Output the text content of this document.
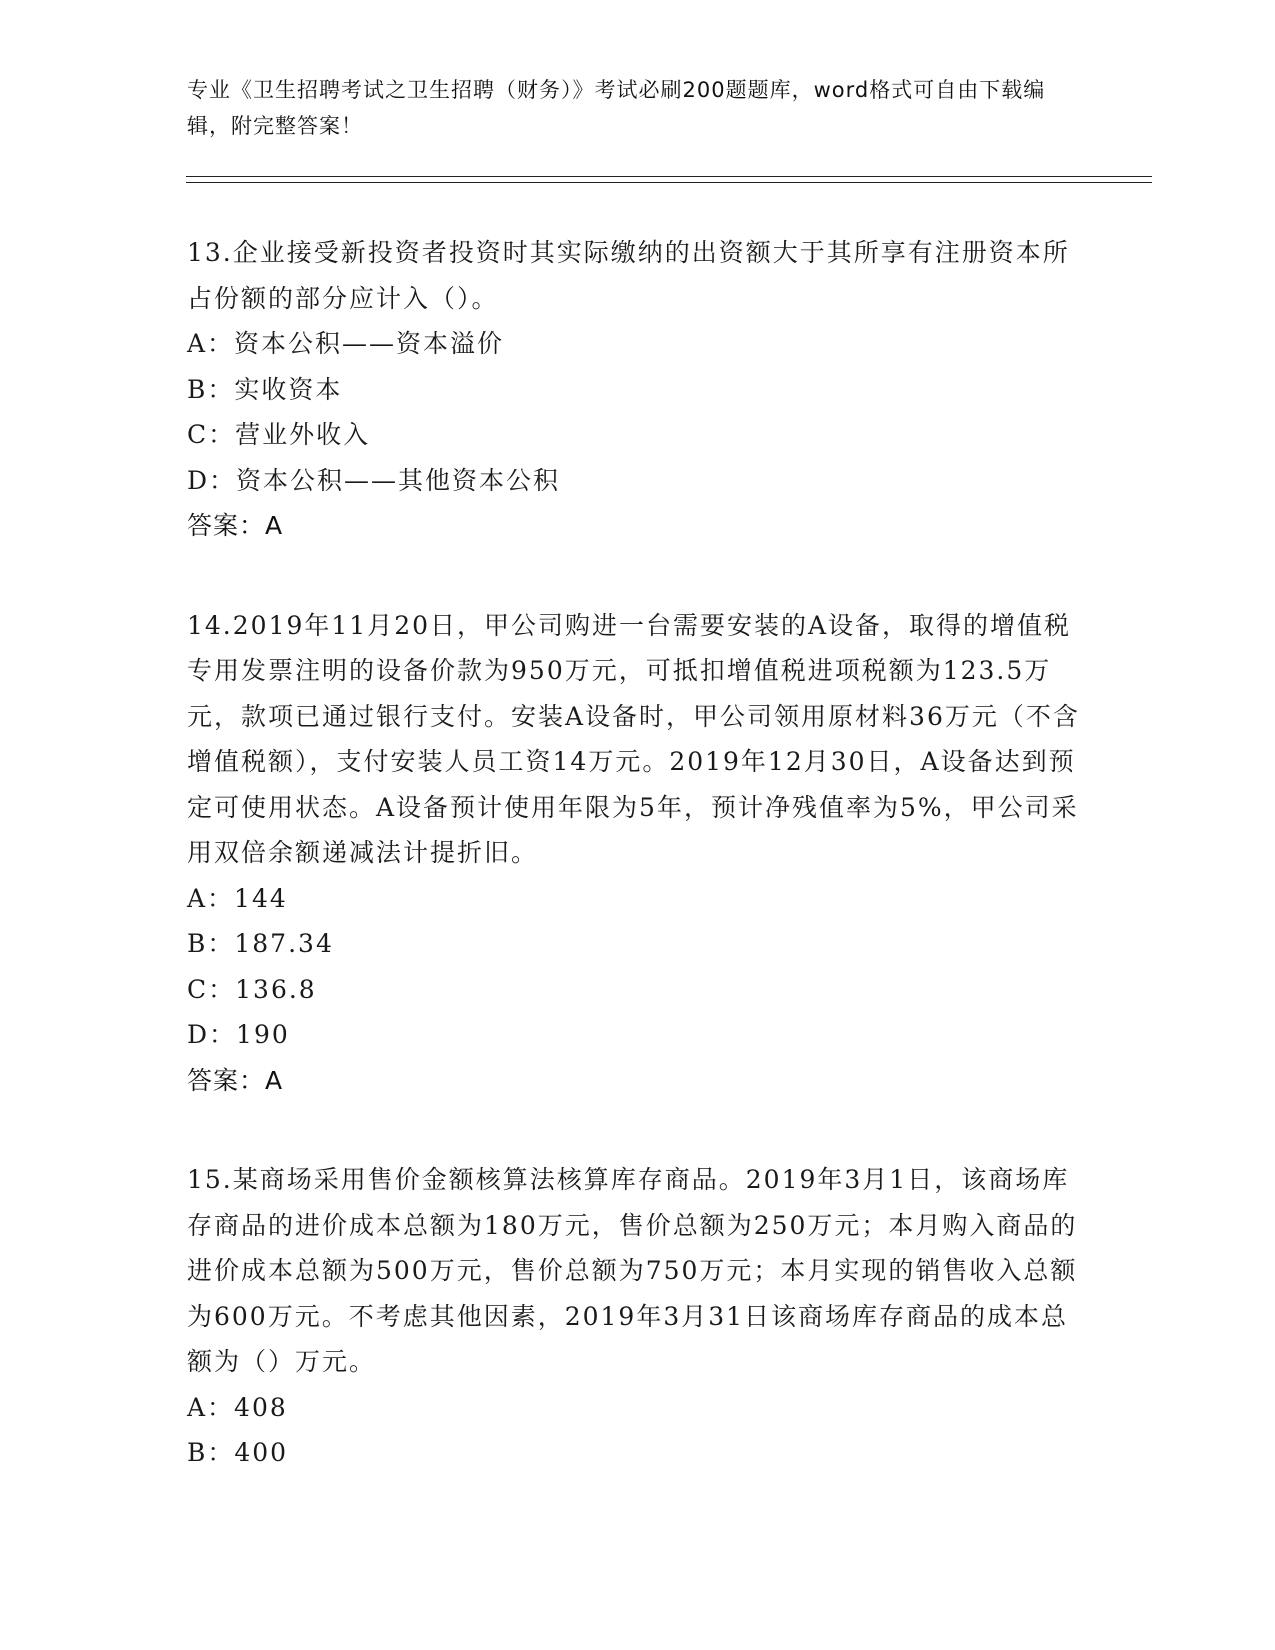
专业《卫生招聘考试之卫生招聘（财务）》考试必刷200题题库，word格式可自由下载编辑，附完整答案！

13.企业接受新投资者投资时其实际缴纳的出资额大于其所享有注册资本所占份额的部分应计入（）。

A：资本公积——资本溢价

B：实收资本

C：营业外收入

D：资本公积——其他资本公积

答案：A

14.2019年11月20日，甲公司购进一台需要安装的A设备，取得的增值税专用发票注明的设备价款为950万元，可抵扣增值税进项税额为123.5万元，款项已通过银行支付。安装A设备时，甲公司领用原材料36万元（不含增值税额），支付安装人员工资14万元。2019年12月30日，A设备达到预定可使用状态。A设备预计使用年限为5年，预计净残值率为5%，甲公司采用双倍余额递减法计提折旧。

A：144

B：187.34

C：136.8

D：190

答案：A

15.某商场采用售价金额核算法核算库存商品。2019年3月1日，该商场库存商品的进价成本总额为180万元，售价总额为250万元；本月购入商品的进价成本总额为500万元，售价总额为750万元；本月实现的销售收入总额为600万元。不考虑其他因素，2019年3月31日该商场库存商品的成本总额为（）万元。

A：408

B：400
